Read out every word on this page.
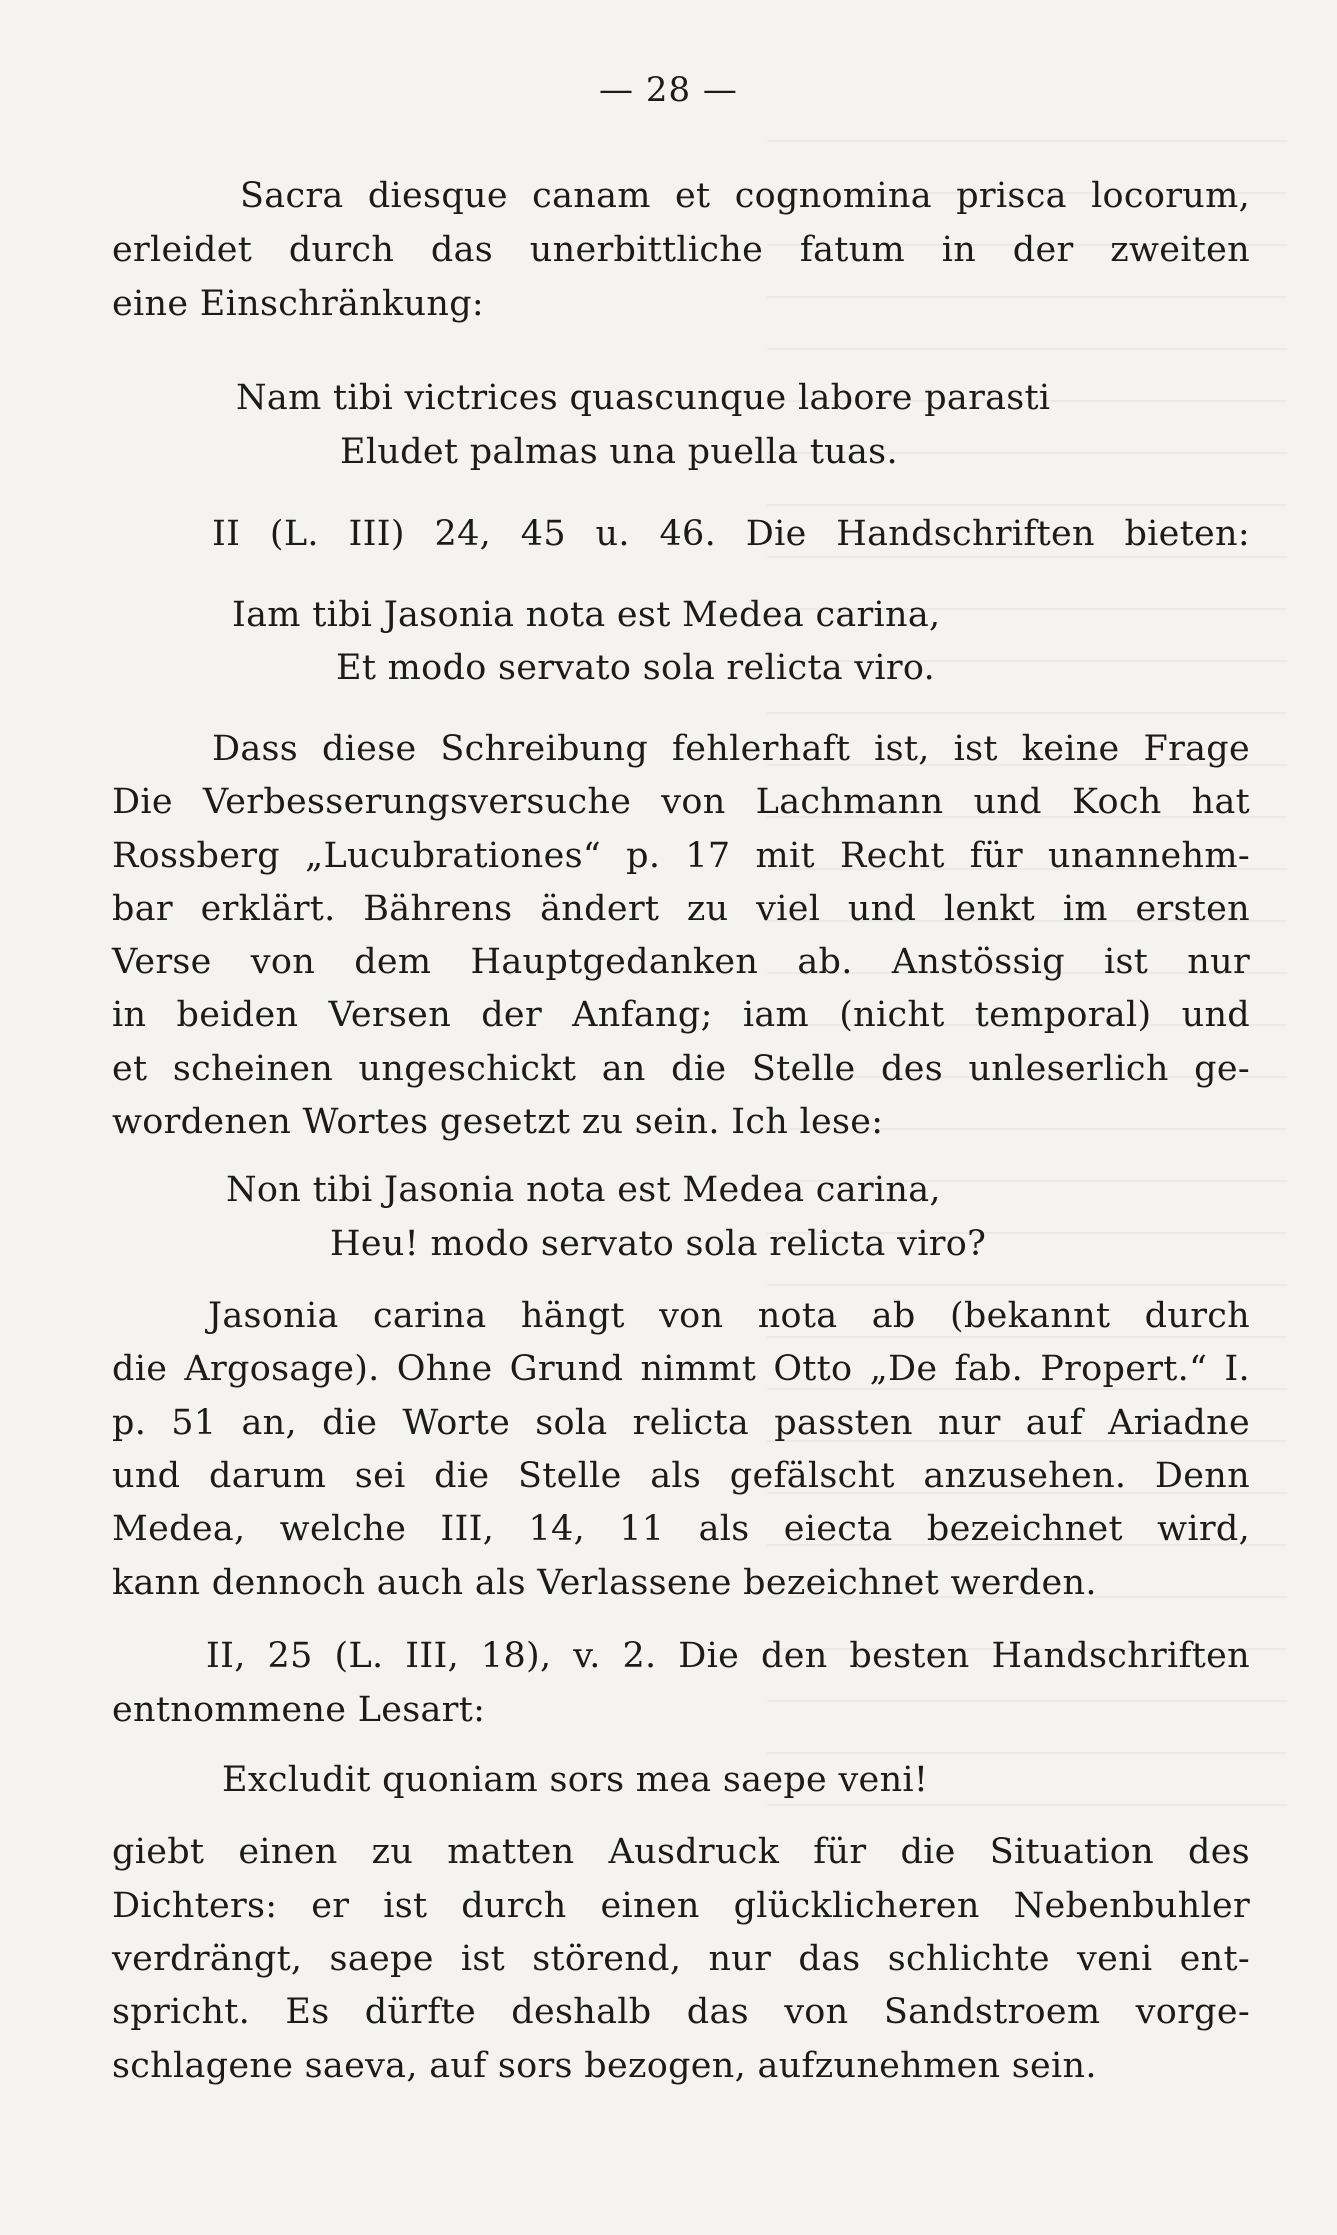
— 28 —
Sacra diesque canam et cognomina prisca locorum,
erleidet durch das unerbittliche fatum in der zweiten
eine Einschränkung:
Nam tibi victrices quascunque labore parasti
Eludet palmas una puella tuas.
II (L. III) 24, 45 u. 46. Die Handschriften bieten:
Iam tibi Jasonia nota est Medea carina,
Et modo servato sola relicta viro.
Dass diese Schreibung fehlerhaft ist, ist keine Frage
Die Verbesserungsversuche von Lachmann und Koch hat
Rossberg „Lucubrationes“ p. 17 mit Recht für unannehm-
bar erklärt. Bährens ändert zu viel und lenkt im ersten
Verse von dem Hauptgedanken ab. Anstössig ist nur
in beiden Versen der Anfang; iam (nicht temporal) und
et scheinen ungeschickt an die Stelle des unleserlich ge-
wordenen Wortes gesetzt zu sein. Ich lese:
Non tibi Jasonia nota est Medea carina,
Heu! modo servato sola relicta viro?
Jasonia carina hängt von nota ab (bekannt durch
die Argosage). Ohne Grund nimmt Otto „De fab. Propert.“ I.
p. 51 an, die Worte sola relicta passten nur auf Ariadne
und darum sei die Stelle als gefälscht anzusehen. Denn
Medea, welche III, 14, 11 als eiecta bezeichnet wird,
kann dennoch auch als Verlassene bezeichnet werden.
II, 25 (L. III, 18), v. 2. Die den besten Handschriften
entnommene Lesart:
Excludit quoniam sors mea saepe veni!
giebt einen zu matten Ausdruck für die Situation des
Dichters: er ist durch einen glücklicheren Nebenbuhler
verdrängt, saepe ist störend, nur das schlichte veni ent-
spricht. Es dürfte deshalb das von Sandstroem vorge-
schlagene saeva, auf sors bezogen, aufzunehmen sein.
